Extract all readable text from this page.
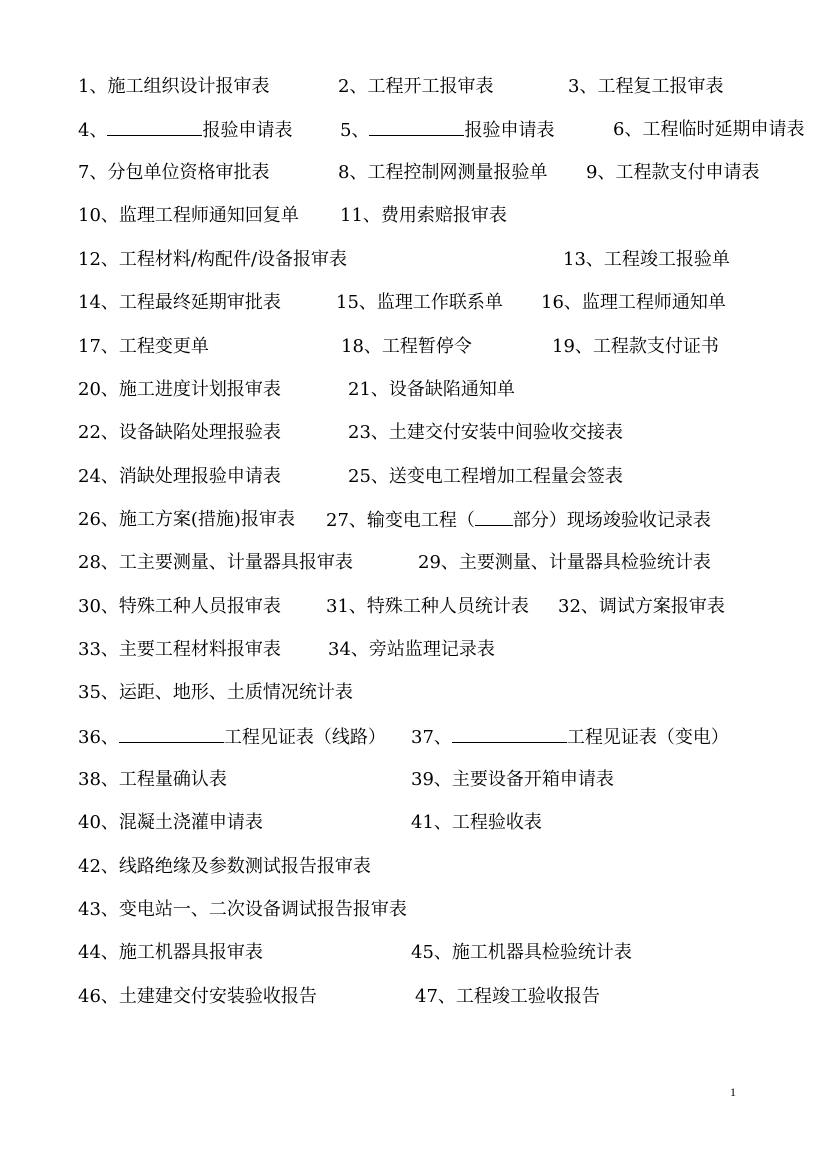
1、施工组织设计报审表	2、工程开工报审表	3、工程复工报审表
4、	报验申请表	5、	报验申请表	6、工程临时延期申请表
7、分包单位资格审批表	8、工程控制网测量报验单 9、工程款支付申请表
10、监理工程师通知回复单 11、费用索赔报审表
12、工程材料/构配件/设备报审表	13、工程竣工报验单
14、工程最终延期审批表	15、监理工作联系单 16、监理工程师通知单
17、工程变更单	18、工程暂停令	19、工程款支付证书
20、施工进度计划报审表	21、设备缺陷通知单
22、设备缺陷处理报验表	23、土建交付安装中间验收交接表
24、消缺处理报验申请表	25、送变电工程增加工程量会签表
26、施工方案(措施)报审表 27、输变电工程（ 部分）现场竣验收记录表
28、工主要测量、计量器具报审表	29、主要测量、计量器具检验统计表
30、特殊工种人员报审表	31、特殊工种人员统计表 32、调试方案报审表
33、主要工程材料报审表	34、旁站监理记录表
35、运距、地形、土质情况统计表
36、	工程见证表（线路） 37、	工程见证表（变电）
38、工程量确认表	39、主要设备开箱申请表
40、混凝土浇灌申请表	41、工程验收表
42、线路绝缘及参数测试报告报审表
43、变电站一、二次设备调试报告报审表
44、施工机器具报审表	45、施工机器具检验统计表
46、土建建交付安装验收报告	47、工程竣工验收报告
1
